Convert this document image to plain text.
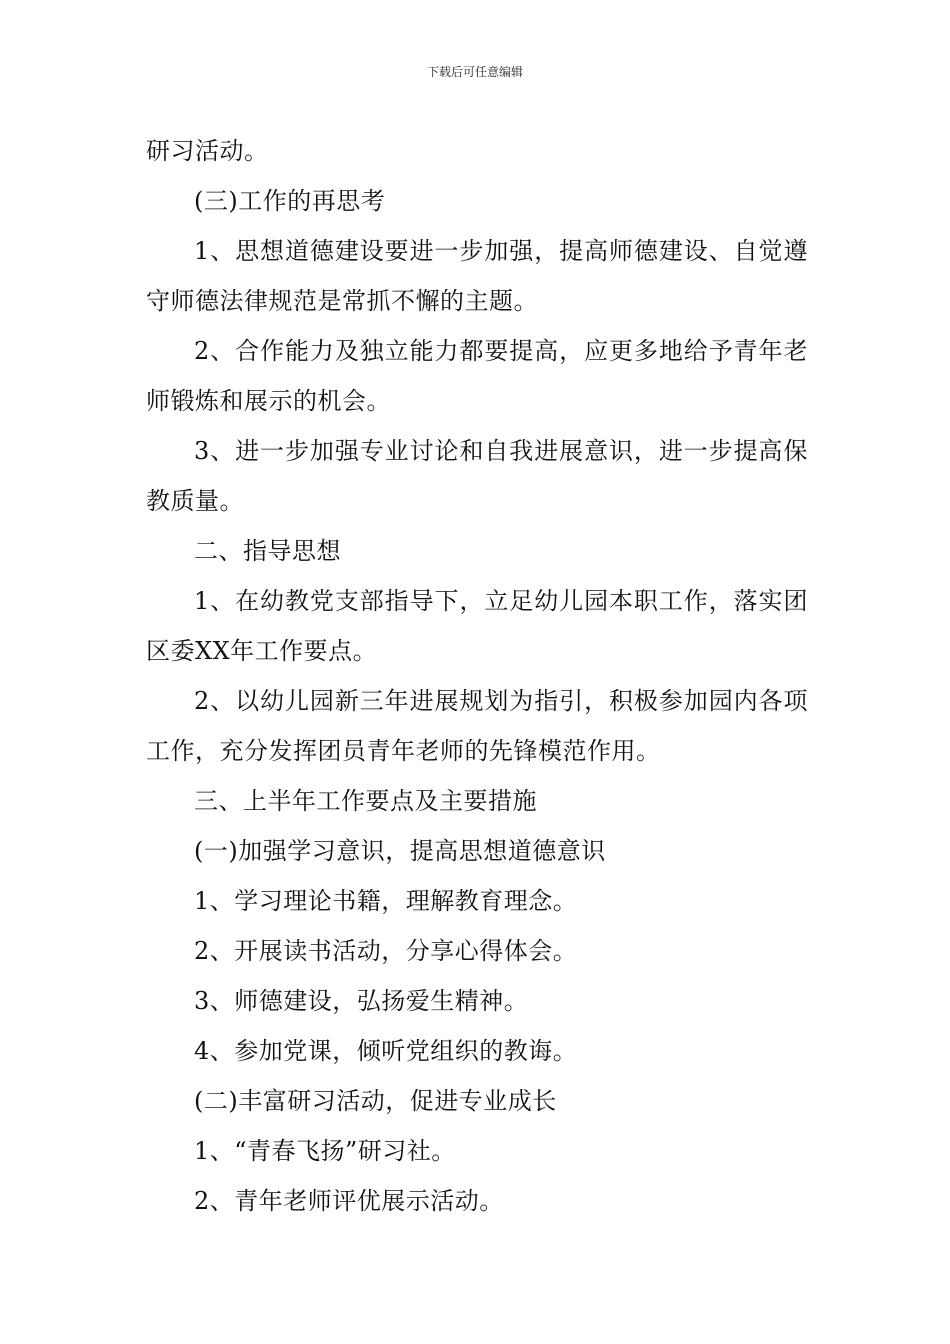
下载后可任意编辑

研习活动。

(三)工作的再思考

1、思想道德建设要进一步加强，提高师德建设、自觉遵守师德法律规范是常抓不懈的主题。

2、合作能力及独立能力都要提高，应更多地给予青年老师锻炼和展示的机会。

3、进一步加强专业讨论和自我进展意识，进一步提高保教质量。

二、指导思想

1、在幼教党支部指导下，立足幼儿园本职工作，落实团区委XX年工作要点。

2、以幼儿园新三年进展规划为指引，积极参加园内各项工作，充分发挥团员青年老师的先锋模范作用。

三、上半年工作要点及主要措施

(一)加强学习意识，提高思想道德意识

1、学习理论书籍，理解教育理念。

2、开展读书活动，分享心得体会。

3、师德建设，弘扬爱生精神。

4、参加党课，倾听党组织的教诲。

(二)丰富研习活动，促进专业成长

1、“青春飞扬”研习社。

2、青年老师评优展示活动。
